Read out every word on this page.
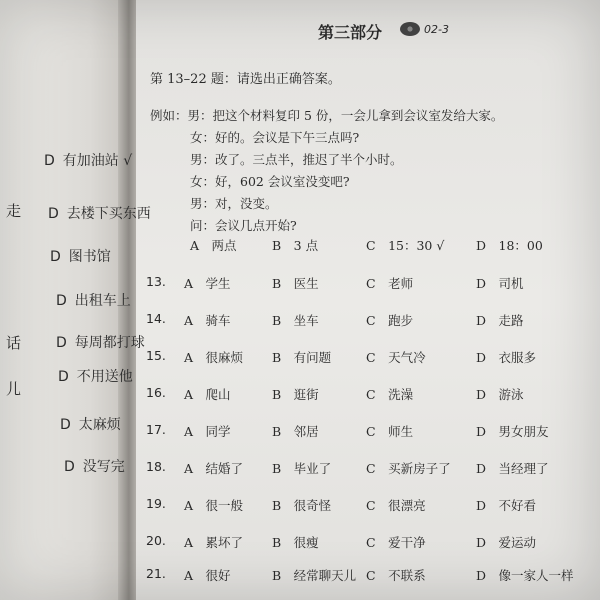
D 有加油站 √
D 去楼下买东西
D 图书馆
D 出租车上
D 每周都打球
D 不用送他
D 太麻烦
D 没写完
走
话
儿
第三部分	02-3
第 13–22 题：请选出正确答案。
例如：男：把这个材料复印 5 份，一会儿拿到会议室发给大家。
女：好的。会议是下午三点吗?
男：改了。三点半，推迟了半个小时。
女：好，602 会议室没变吧?
男：对，没变。
问：会议几点开始?
A　两点	B　3 点	C　15：30 √	D　18：00
13. A　学生	B　医生	C　老师	D　司机
14. A　骑车	B　坐车	C　跑步	D　走路
15. A　很麻烦 B　有问题	C　天气冷	D　衣服多
16. A　爬山	B　逛街	C　洗澡	D　游泳
17. A　同学	B　邻居	C　师生	D　男女朋友
18. A　结婚了 B　毕业了	C　买新房子了 D　当经理了
19. A　很一般 B　很奇怪	C　很漂亮	D　不好看
20. A　累坏了 B　很瘦	C　爱干净	D　爱运动
21. A　很好	B　经常聊天儿 C　不联系	D　像一家人一样
